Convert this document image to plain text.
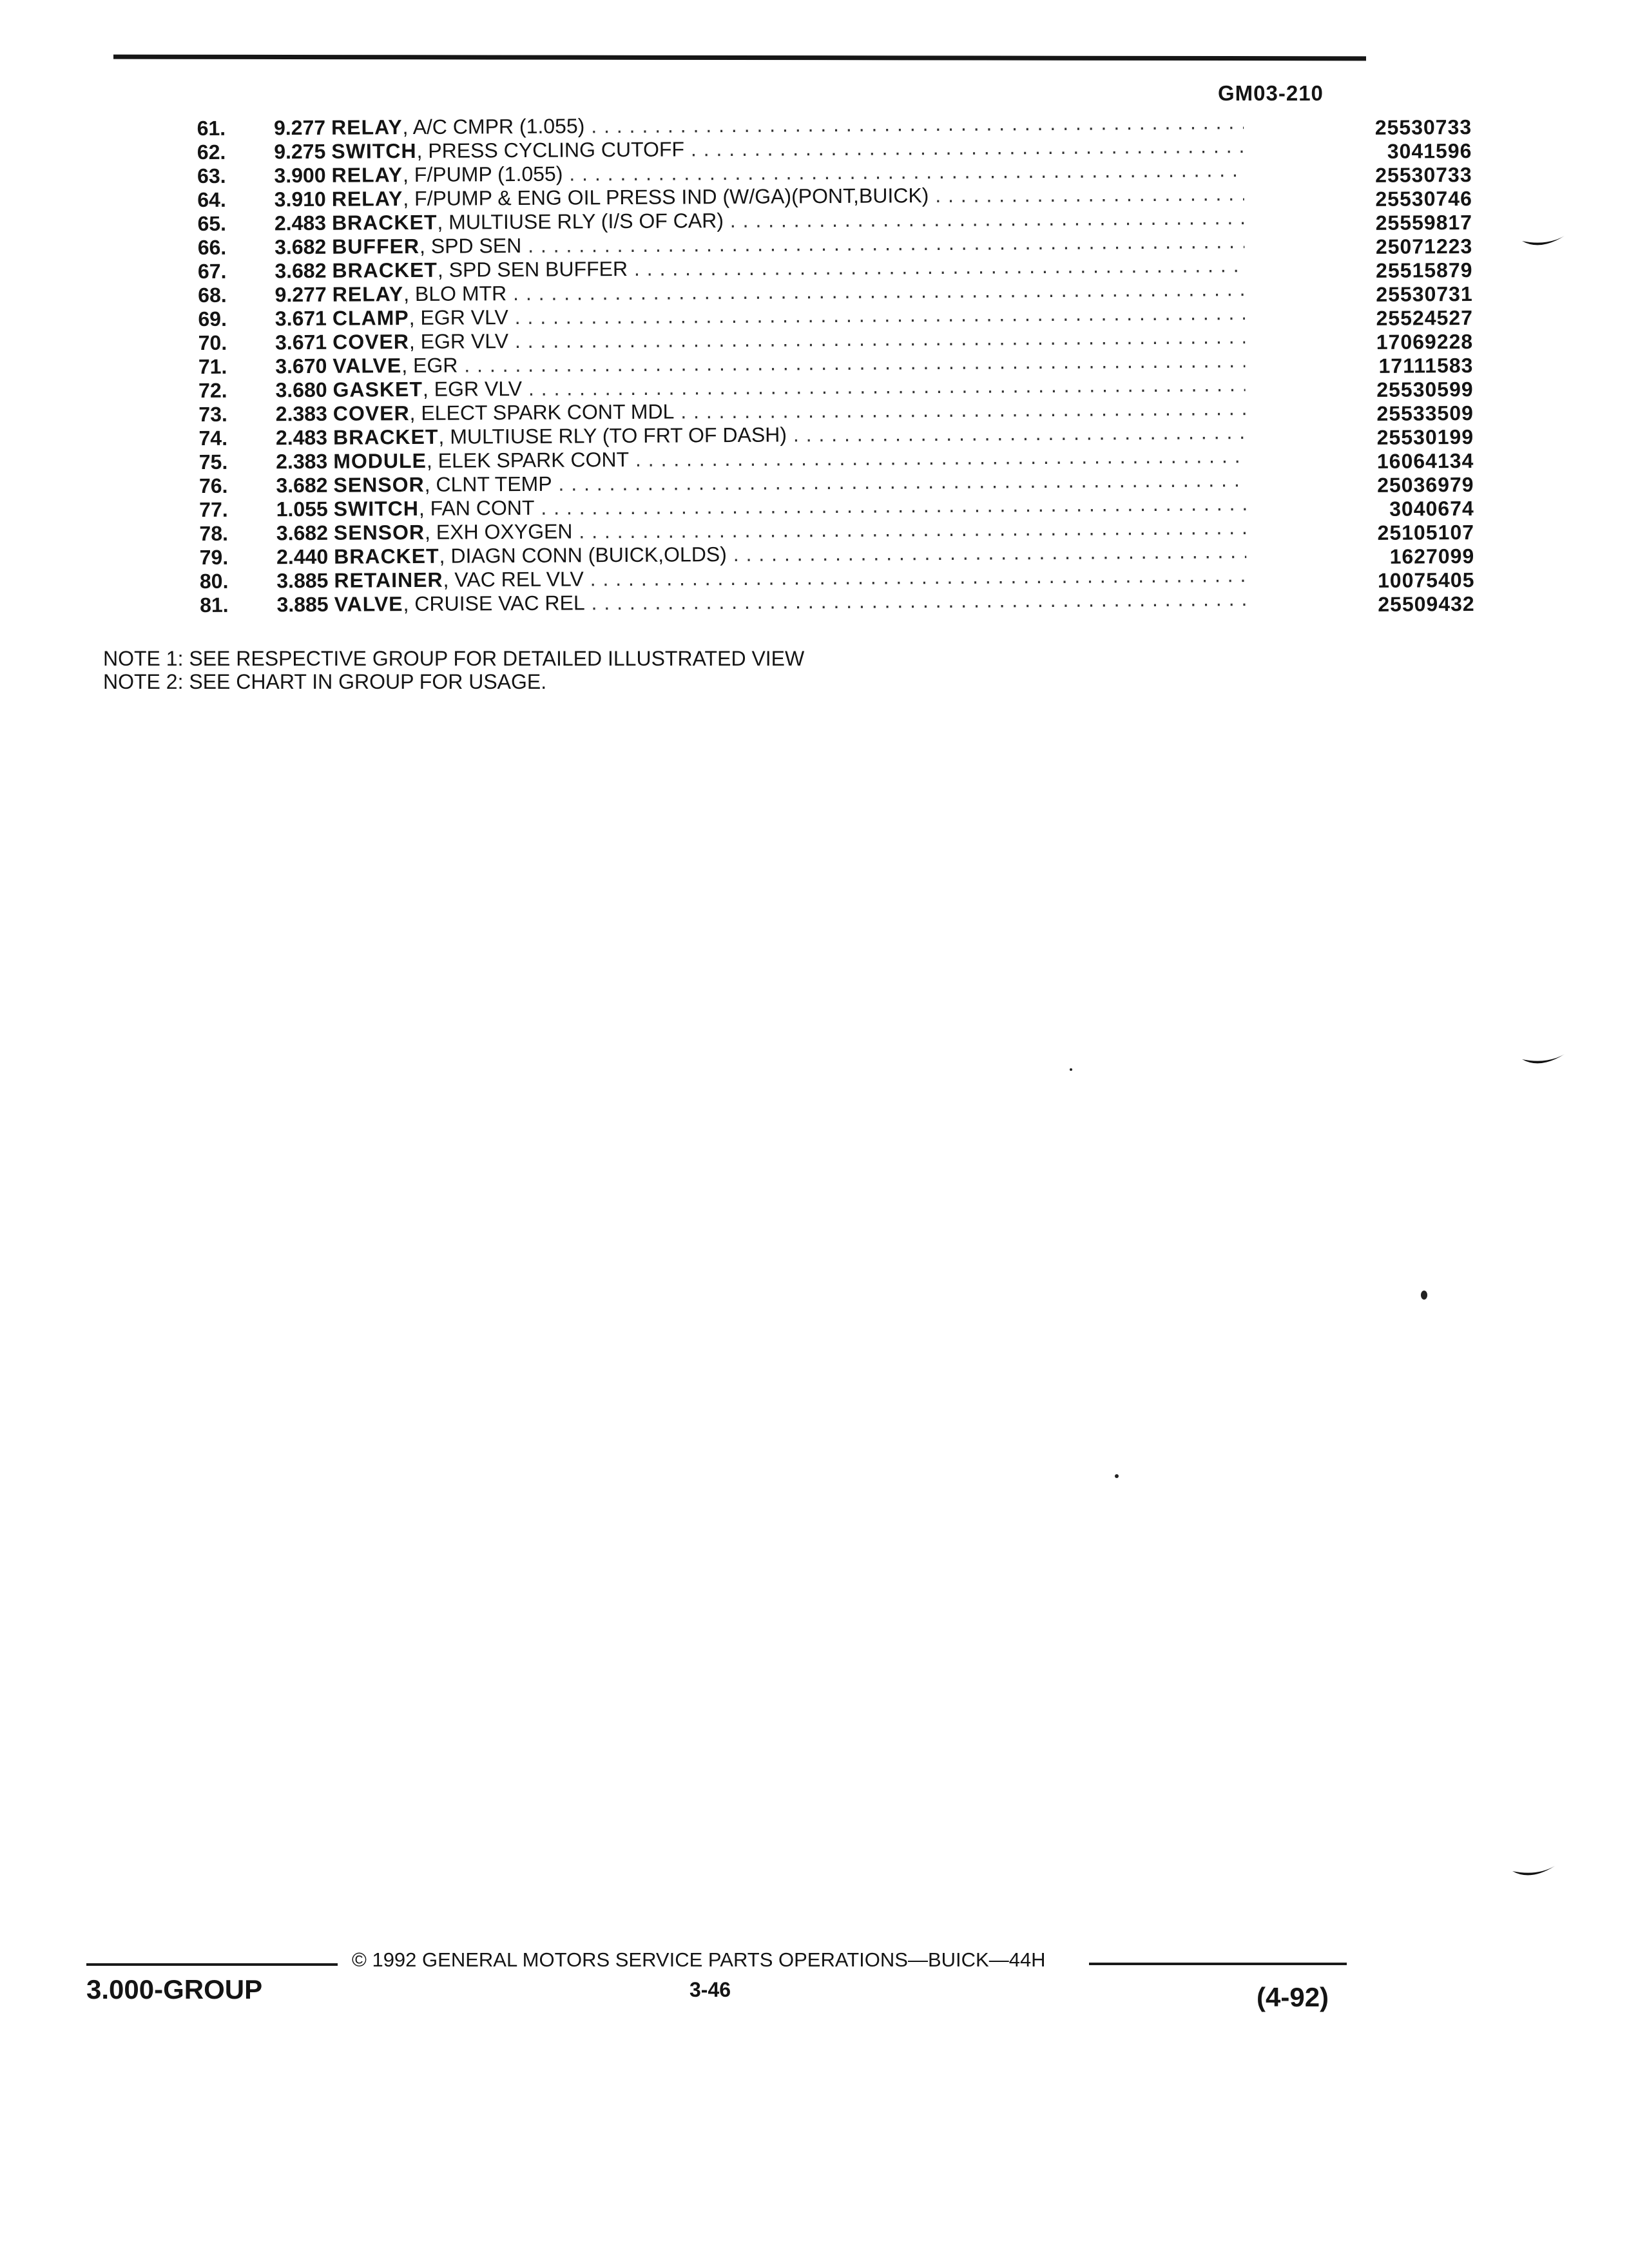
GM03-210
61.	9.277 RELAY, A/C CMPR (1.055) . . .	25530733
62.	9.275 SWITCH, PRESS CYCLING CUTOFF . . .	3041596
63.	3.900 RELAY, F/PUMP (1.055) . . .	25530733
64.	3.910 RELAY, F/PUMP & ENG OIL PRESS IND (W/GA)(PONT,BUICK) . . .	25530746
65.	2.483 BRACKET, MULTIUSE RLY (I/S OF CAR) . . .	25559817
66.	3.682 BUFFER, SPD SEN . . .	25071223
67.	3.682 BRACKET, SPD SEN BUFFER . . .	25515879
68.	9.277 RELAY, BLO MTR . . .	25530731
69.	3.671 CLAMP, EGR VLV . . .	25524527
70.	3.671 COVER, EGR VLV . . .	17069228
71.	3.670 VALVE, EGR . . .	17111583
72.	3.680 GASKET, EGR VLV . . .	25530599
73.	2.383 COVER, ELECT SPARK CONT MDL . . .	25533509
74.	2.483 BRACKET, MULTIUSE RLY (TO FRT OF DASH) . . .	25530199
75.	2.383 MODULE, ELEK SPARK CONT . . .	16064134
76.	3.682 SENSOR, CLNT TEMP . . .	25036979
77.	1.055 SWITCH, FAN CONT . . .	3040674
78.	3.682 SENSOR, EXH OXYGEN . . .	25105107
79.	2.440 BRACKET, DIAGN CONN (BUICK,OLDS) . . .	1627099
80.	3.885 RETAINER, VAC REL VLV . . .	10075405
81.	3.885 VALVE, CRUISE VAC REL . . .	25509432
NOTE 1: SEE RESPECTIVE GROUP FOR DETAILED ILLUSTRATED VIEW
NOTE 2: SEE CHART IN GROUP FOR USAGE.
© 1992 GENERAL MOTORS SERVICE PARTS OPERATIONS—BUICK—44H
3.000-GROUP	3-46	(4-92)
